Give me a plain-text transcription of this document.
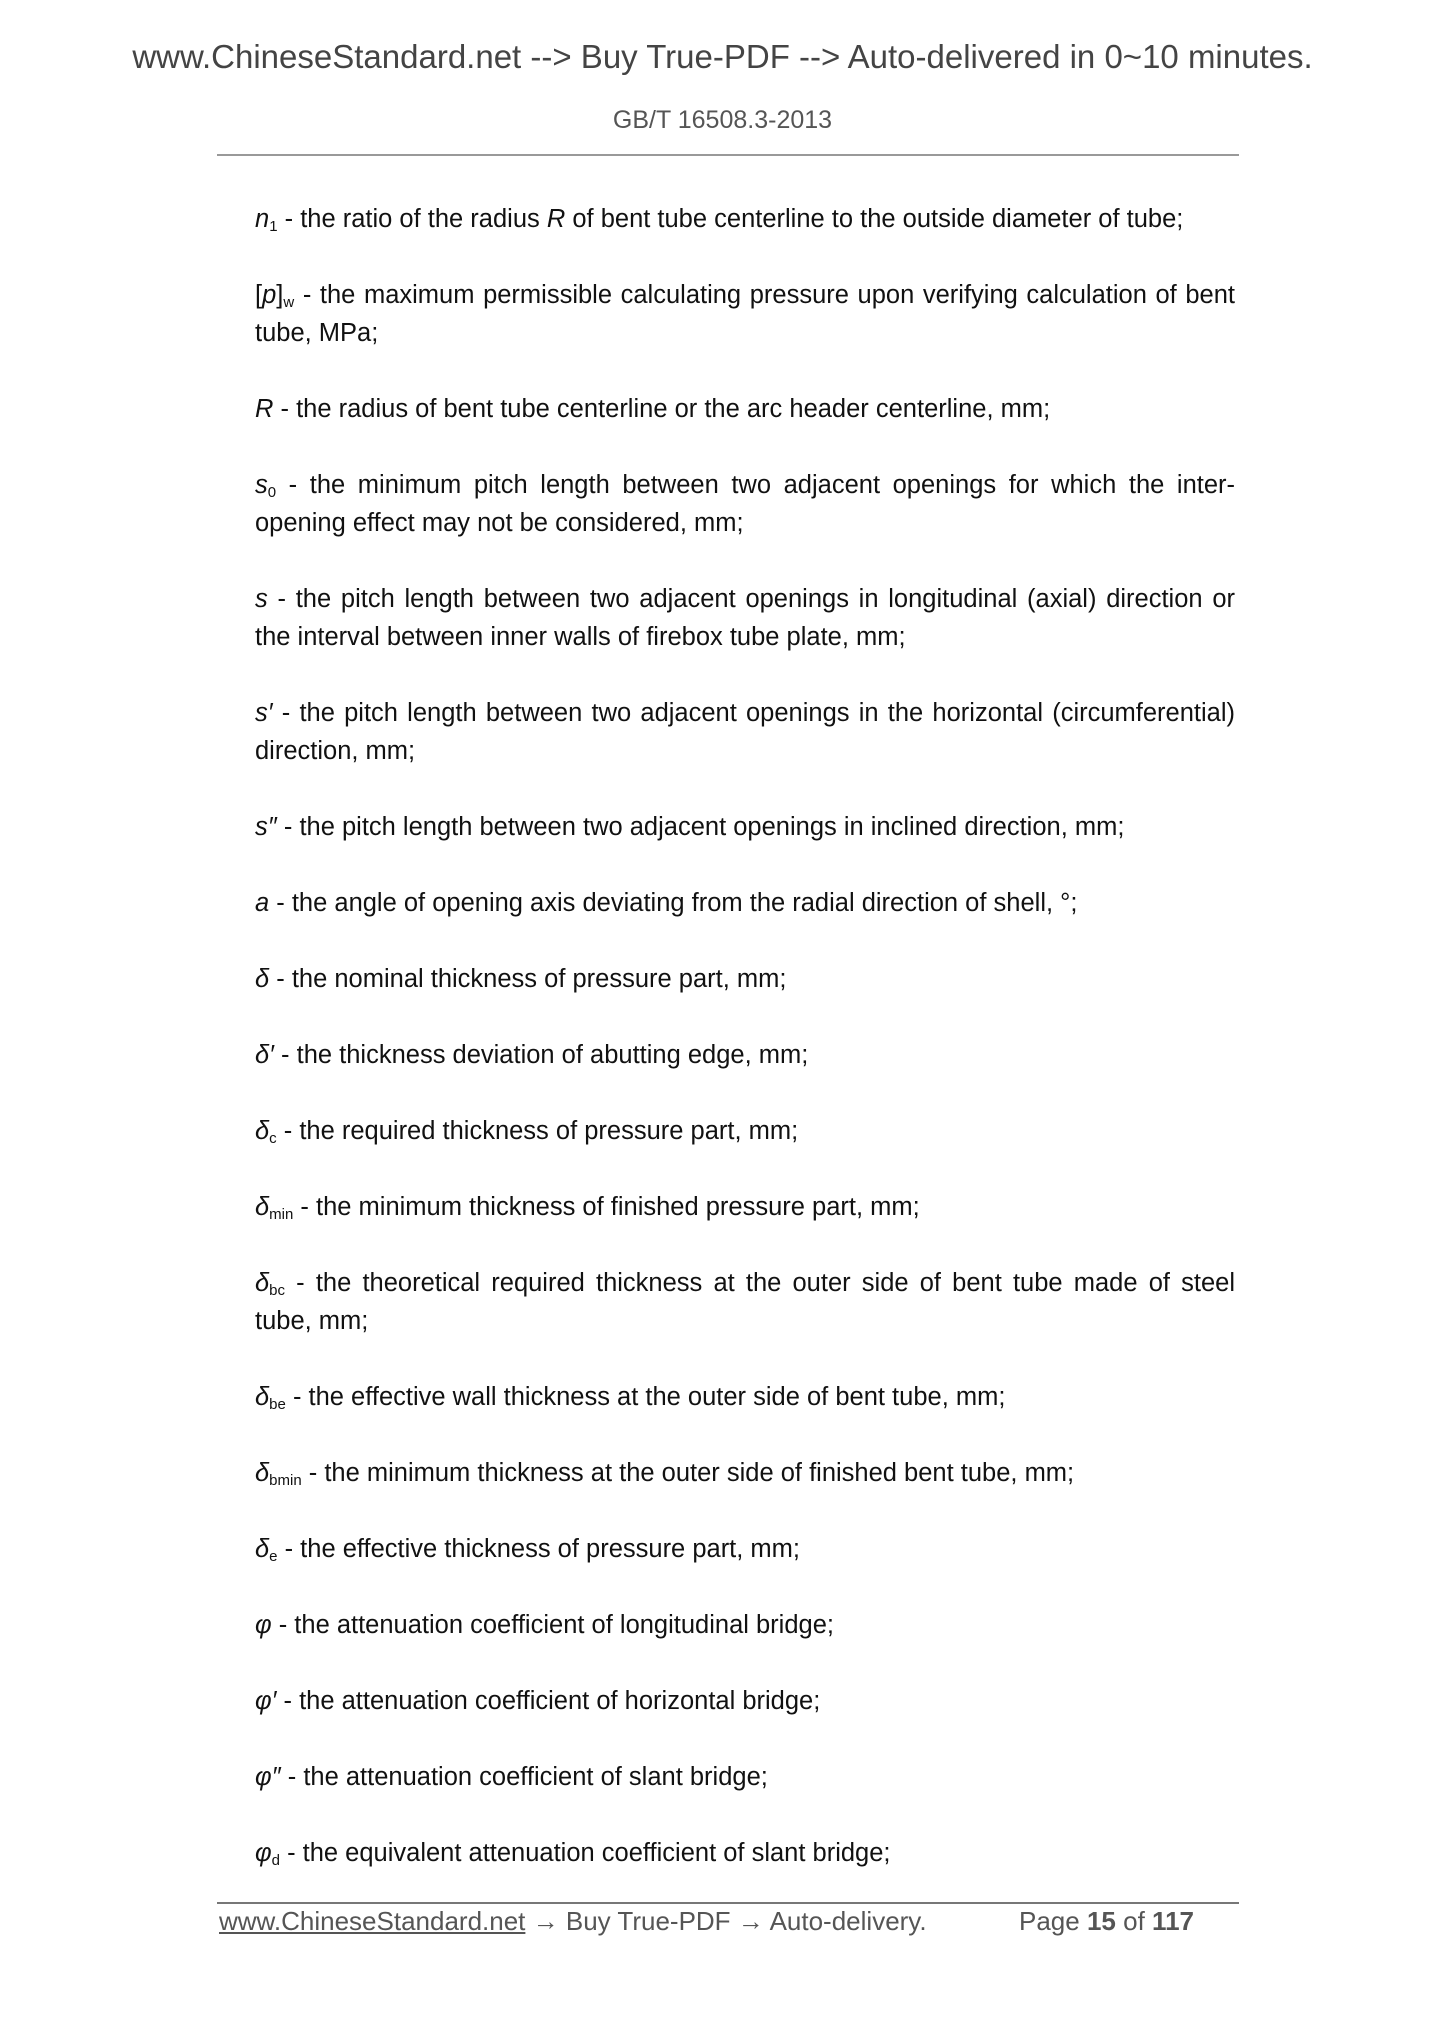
www.ChineseStandard.net --> Buy True-PDF --> Auto-delivered in 0~10 minutes.
GB/T 16508.3-2013

$n_1$ - the ratio of the radius R of bent tube centerline to the outside diameter of tube;

$[p]_w$ - the maximum permissible calculating pressure upon verifying calculation of bent tube, MPa;

R - the radius of bent tube centerline or the arc header centerline, mm;

$s_0$ - the minimum pitch length between two adjacent openings for which the inter-opening effect may not be considered, mm;

s - the pitch length between two adjacent openings in longitudinal (axial) direction or the interval between inner walls of firebox tube plate, mm;

s′ - the pitch length between two adjacent openings in the horizontal (circumferential) direction, mm;

s″ - the pitch length between two adjacent openings in inclined direction, mm;

a - the angle of opening axis deviating from the radial direction of shell, °;

δ - the nominal thickness of pressure part, mm;

δ′ - the thickness deviation of abutting edge, mm;

$\delta_c$ - the required thickness of pressure part, mm;

$\delta_{min}$ - the minimum thickness of finished pressure part, mm;

$\delta_{bc}$ - the theoretical required thickness at the outer side of bent tube made of steel tube, mm;

$\delta_{be}$ - the effective wall thickness at the outer side of bent tube, mm;

$\delta_{bmin}$ - the minimum thickness at the outer side of finished bent tube, mm;

$\delta_e$ - the effective thickness of pressure part, mm;

φ - the attenuation coefficient of longitudinal bridge;

φ′ - the attenuation coefficient of horizontal bridge;

φ″ - the attenuation coefficient of slant bridge;

$\varphi_d$ - the equivalent attenuation coefficient of slant bridge;

www.ChineseStandard.net → Buy True-PDF → Auto-delivery.	Page 15 of 117
